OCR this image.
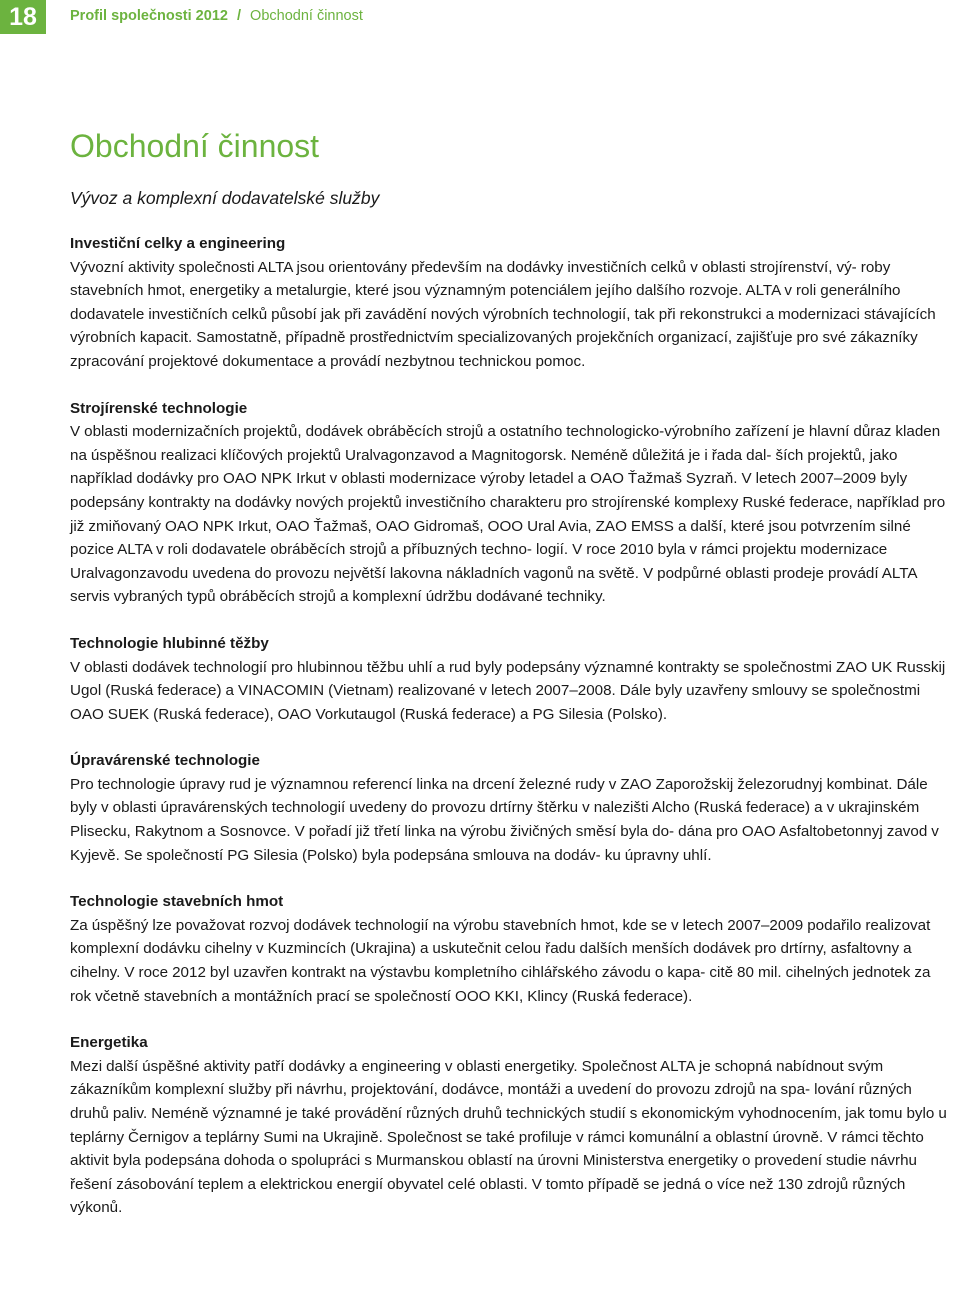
18	Profil společnosti 2012 / Obchodní činnost
Obchodní činnost
Vývoz a komplexní dodavatelské služby
Investiční celky a engineering

Vývozní aktivity společnosti ALTA jsou orientovány především na dodávky investičních celků v oblasti strojírenství, vý- roby stavebních hmot, energetiky a metalurgie, které jsou významným potenciálem jejího dalšího rozvoje. ALTA v roli generálního dodavatele investičních celků působí jak při zavádění nových výrobních technologií, tak při rekonstrukci a modernizaci stávajících výrobních kapacit. Samostatně, případně prostřednictvím specializovaných projekčních organizací, zajišťuje pro své zákazníky zpracování projektové dokumentace a provádí nezbytnou technickou pomoc.

Strojírenské technologie

V oblasti modernizačních projektů, dodávek obráběcích strojů a ostatního technologicko-výrobního zařízení je hlavní důraz kladen na úspěšnou realizaci klíčových projektů Uralvagonzavod a Magnitogorsk. Neméně důležitá je i řada dal- ších projektů, jako například dodávky pro OAO NPK Irkut v oblasti modernizace výroby letadel a OAO Ťažmaš Syzraň. V letech 2007–2009 byly podepsány kontrakty na dodávky nových projektů investičního charakteru pro strojírenské komplexy Ruské federace, například pro již zmiňovaný OAO NPK Irkut, OAO Ťažmaš, OAO Gidromaš, OOO Ural Avia, ZAO EMSS a další, které jsou potvrzením silné pozice ALTA v roli dodavatele obráběcích strojů a příbuzných techno- logií. V roce 2010 byla v rámci projektu modernizace Uralvagonzavodu uvedena do provozu největší lakovna nákladních vagonů na světě. V podpůrné oblasti prodeje provádí ALTA servis vybraných typů obráběcích strojů a komplexní údržbu dodávané techniky.

Technologie hlubinné těžby

V oblasti dodávek technologií pro hlubinnou těžbu uhlí a rud byly podepsány významné kontrakty se společnostmi ZAO UK Russkij Ugol (Ruská federace) a VINACOMIN (Vietnam) realizované v letech 2007–2008. Dále byly uzavřeny smlouvy se společnostmi OAO SUEK (Ruská federace), OAO Vorkutaugol (Ruská federace) a PG Silesia (Polsko).

Úpravárenské technologie

Pro technologie úpravy rud je významnou referencí linka na drcení železné rudy v ZAO Zaporožskij železorudnyj kombinat. Dále byly v oblasti úpravárenských technologií uvedeny do provozu drtírny štěrku v nalezišti Alcho (Ruská federace) a v ukrajinském Plisecku, Rakytnom a Sosnovce. V pořadí již třetí linka na výrobu živičných směsí byla do- dána pro OAO Asfaltobetonnyj zavod v Kyjevě. Se společností PG Silesia (Polsko) byla podepsána smlouva na dodáv- ku úpravny uhlí.

Technologie stavebních hmot

Za úspěšný lze považovat rozvoj dodávek technologií na výrobu stavebních hmot, kde se v letech 2007–2009 podařilo realizovat komplexní dodávku cihelny v Kuzmincích (Ukrajina) a uskutečnit celou řadu dalších menších dodávek pro drtírny, asfaltovny a cihelny. V roce 2012 byl uzavřen kontrakt na výstavbu kompletního cihlářského závodu o kapa- citě 80 mil. cihelných jednotek za rok včetně stavebních a montážních prací se společností OOO KKI, Klincy (Ruská federace).

Energetika

Mezi další úspěšné aktivity patří dodávky a engineering v oblasti energetiky. Společnost ALTA je schopná nabídnout svým zákazníkům komplexní služby při návrhu, projektování, dodávce, montáži a uvedení do provozu zdrojů na spa- lování různých druhů paliv. Neméně významné je také provádění různých druhů technických studií s ekonomickým vyhodnocením, jak tomu bylo u teplárny Černigov a teplárny Sumi na Ukrajině. Společnost se také profiluje v rámci komunální a oblastní úrovně. V rámci těchto aktivit byla podepsána dohoda o spolupráci s Murmanskou oblastí na úrovni Ministerstva energetiky o provedení studie návrhu řešení zásobování teplem a elektrickou energií obyvatel celé oblasti. V tomto případě se jedná o více než 130 zdrojů různých výkonů.
